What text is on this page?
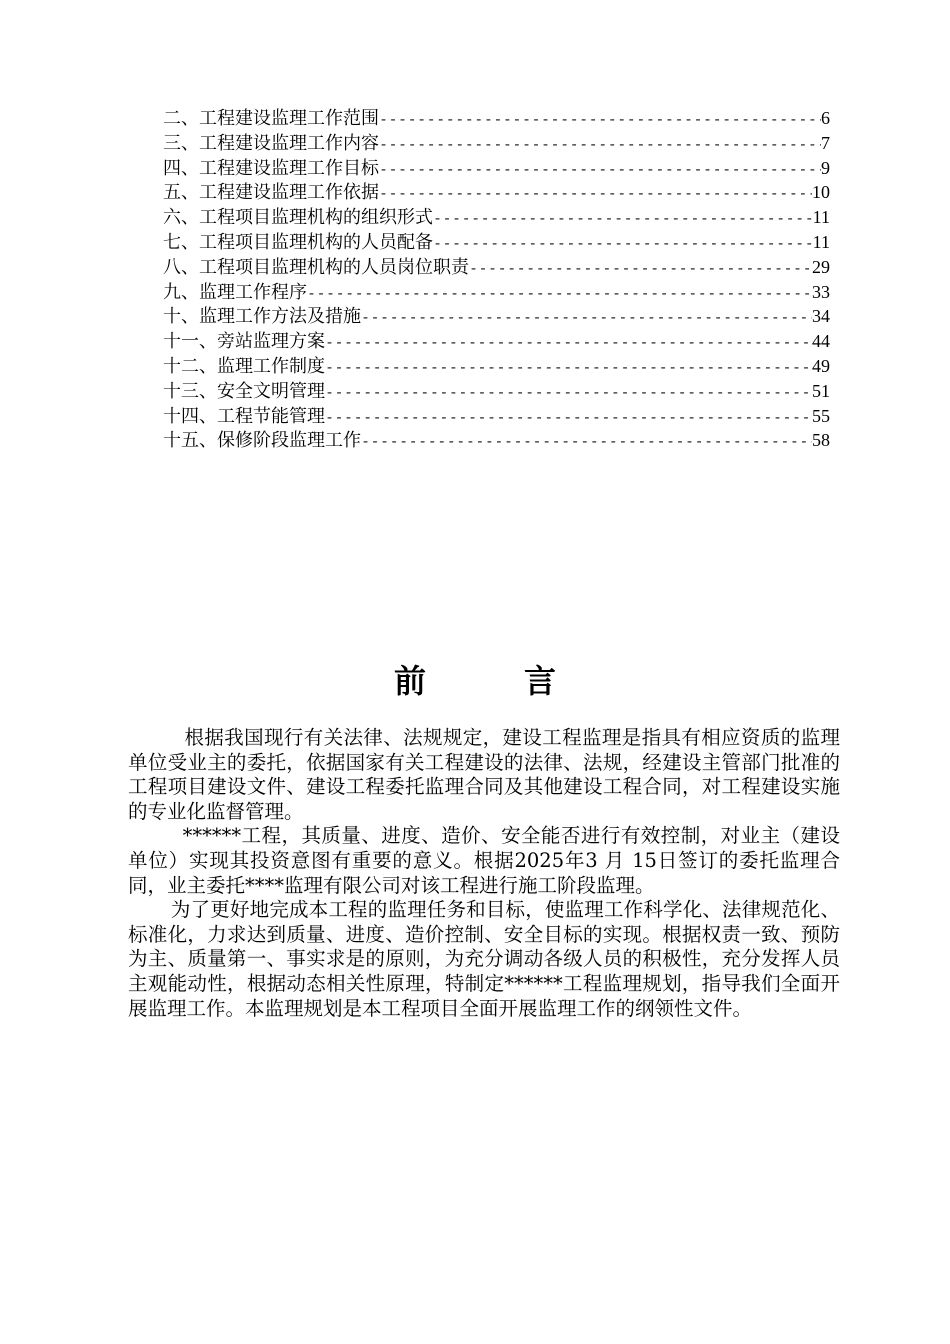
二、工程建设监理工作范围 -----	6
三、工程建设监理工作内容 -----	7
四、工程建设监理工作目标 -----	9
五、工程建设监理工作依据 -----	10
六、工程项目监理机构的组织形式 -----	11
七、工程项目监理机构的人员配备 -----	11
八、工程项目监理机构的人员岗位职责 -----	29
九、监理工作程序 -----	33
十、监理工作方法及措施 -----	34
十一、旁站监理方案 -----	44
十二、监理工作制度 -----	49
十三、安全文明管理 -----	51
十四、工程节能管理 -----	55
十五、保修阶段监理工作 -----	58
前	言

根据我国现行有关法律、法规规定，建设工程监理是指具有相应资质的监理单位受业主的委托，依据国家有关工程建设的法律、法规，经建设主管部门批准的工程项目建设文件、建设工程委托监理合同及其他建设工程合同，对工程建设实施的专业化监督管理。

******工程，其质量、进度、造价、安全能否进行有效控制，对业主（建设单位）实现其投资意图有重要的意义。根据2025年3 月 15日签订的委托监理合同，业主委托****监理有限公司对该工程进行施工阶段监理。

为了更好地完成本工程的监理任务和目标，使监理工作科学化、法律规范化、标准化，力求达到质量、进度、造价控制、安全目标的实现。根据权责一致、预防为主、质量第一、事实求是的原则，为充分调动各级人员的积极性，充分发挥人员主观能动性，根据动态相关性原理，特制定******工程监理规划，指导我们全面开展监理工作。本监理规划是本工程项目全面开展监理工作的纲领性文件。
